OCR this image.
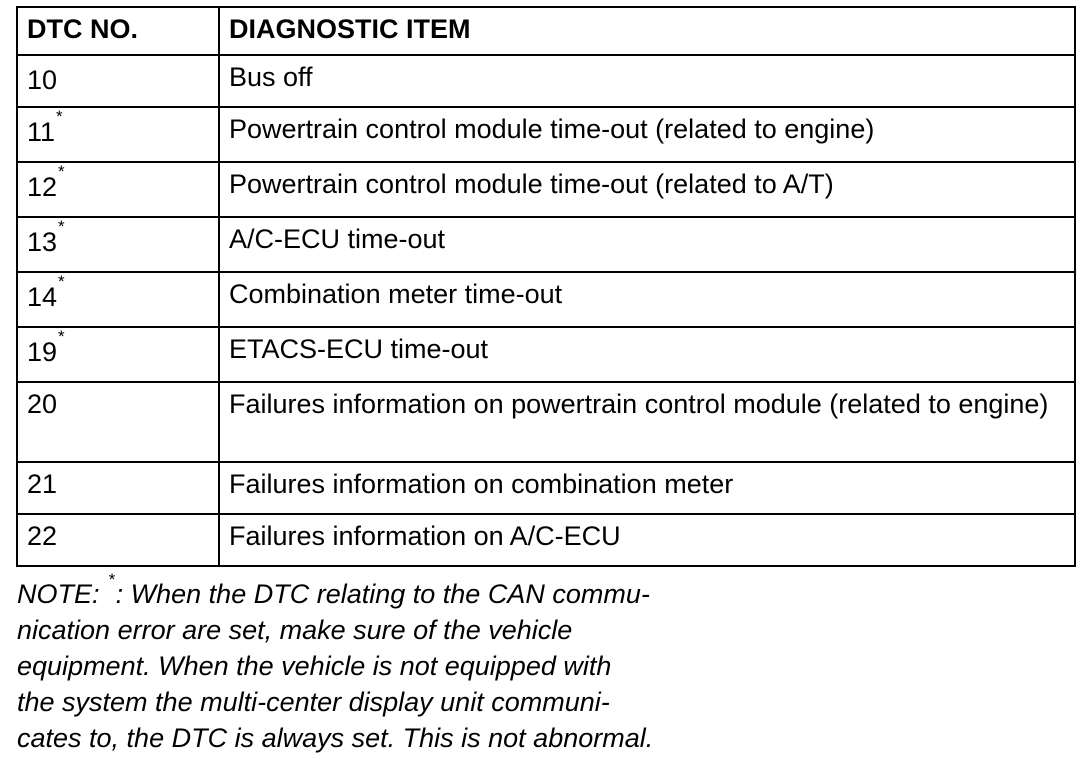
DTC NO.	DIAGNOSTIC ITEM
10	Bus off
11*	Powertrain control module time-out (related to engine)
12*	Powertrain control module time-out (related to A/T)
13*	A/C-ECU time-out
14*	Combination meter time-out
19*	ETACS-ECU time-out
20	Failures information on powertrain control module (related to engine)
21	Failures information on combination meter
22	Failures information on A/C-ECU

NOTE: *: When the DTC relating to the CAN commu-
nication error are set, make sure of the vehicle
equipment. When the vehicle is not equipped with
the system the multi-center display unit communi-
cates to, the DTC is always set. This is not abnormal.
